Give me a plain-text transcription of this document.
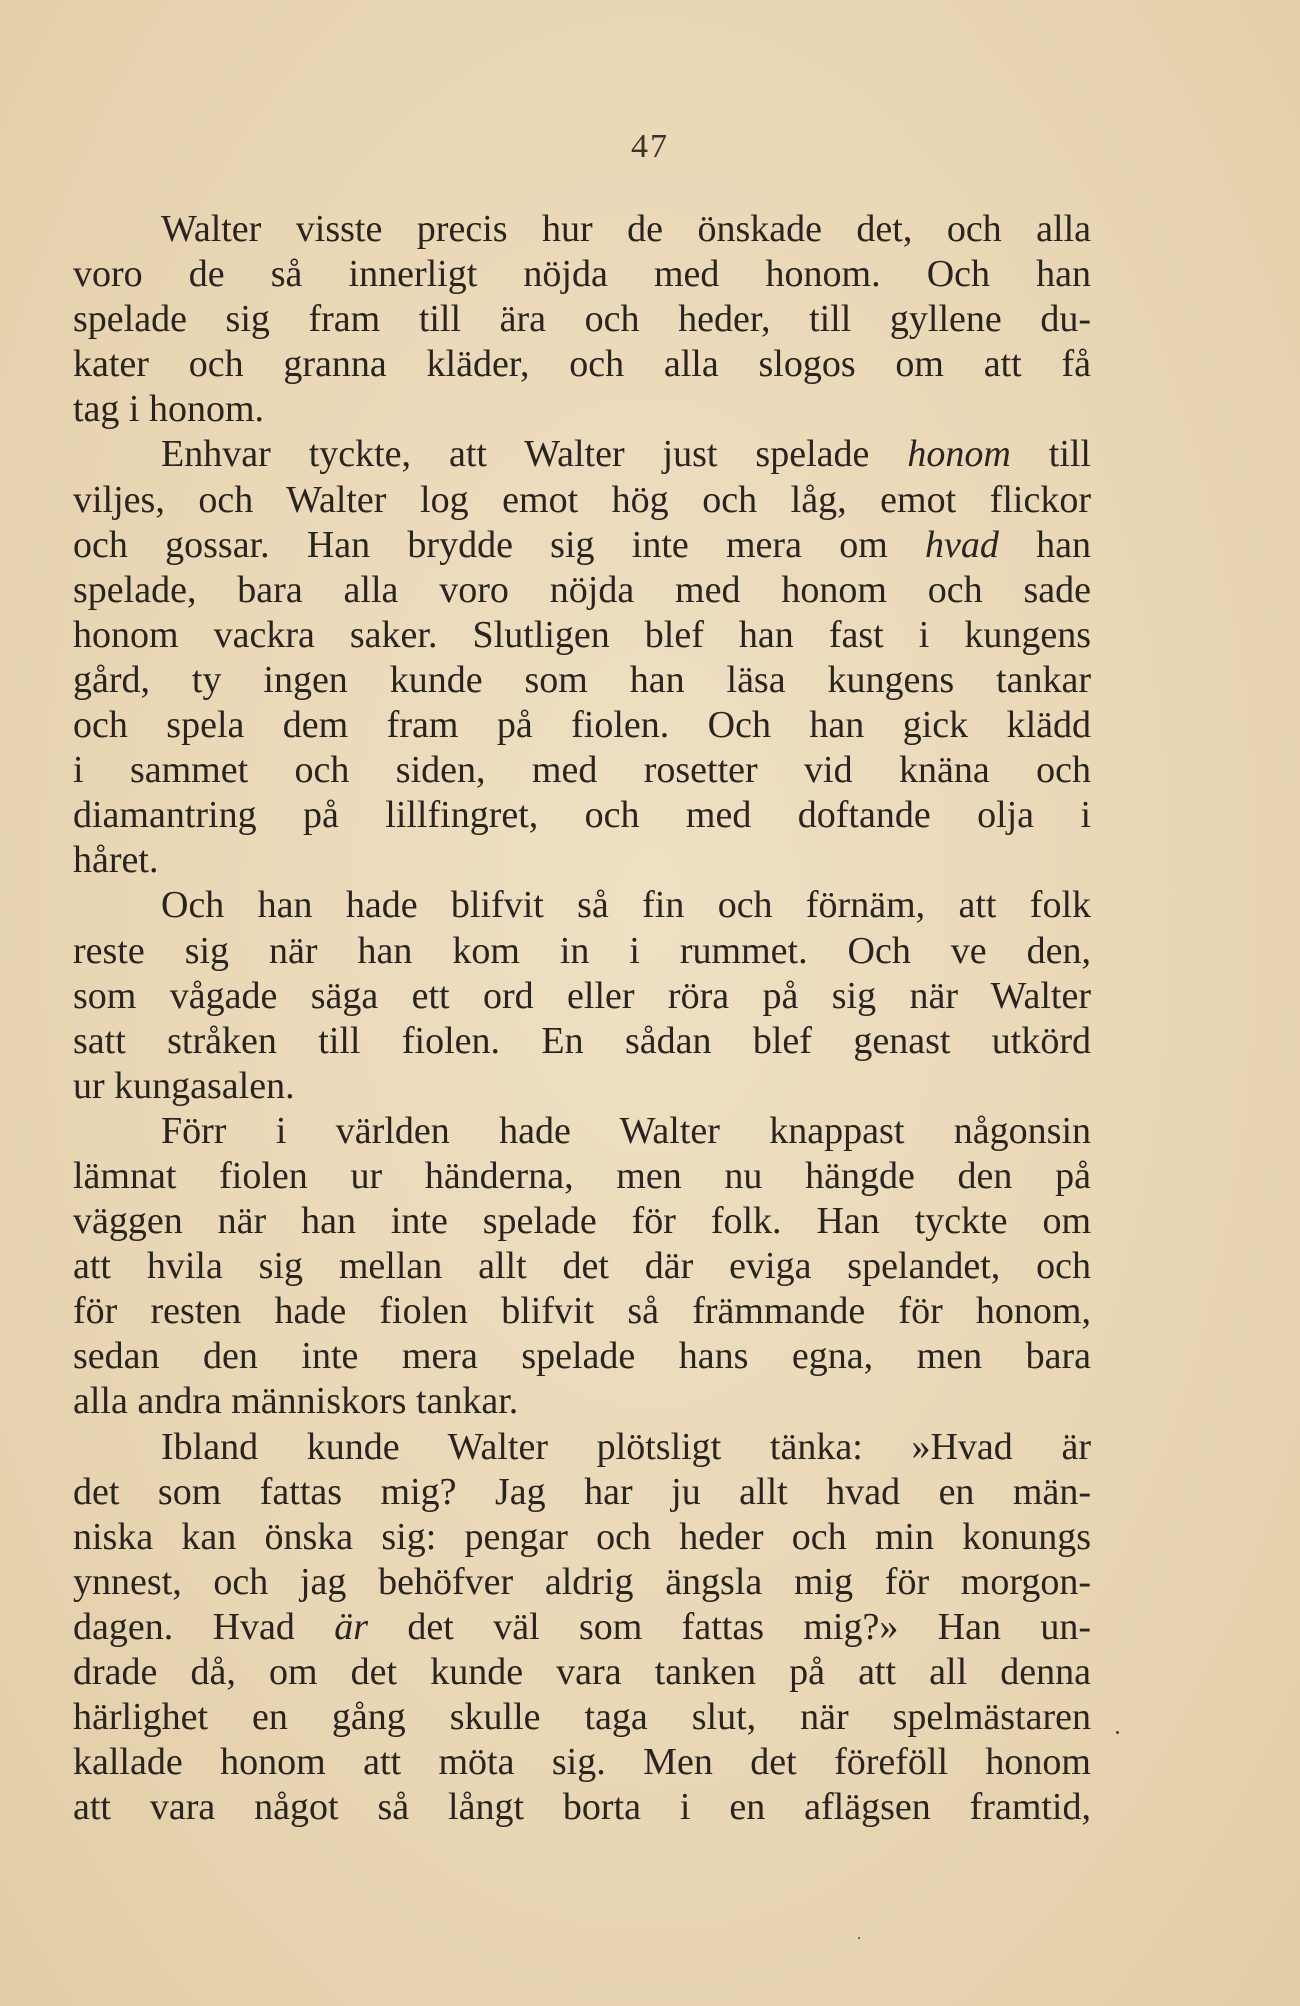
47

Walter visste precis hur de önskade det, och alla
voro de så innerligt nöjda med honom. Och han
spelade sig fram till ära och heder, till gyllene du-
kater och granna kläder, och alla slogos om att få
tag i honom.

Enhvar tyckte, att Walter just spelade honom till
viljes, och Walter log emot hög och låg, emot flickor
och gossar. Han brydde sig inte mera om hvad han
spelade, bara alla voro nöjda med honom och sade
honom vackra saker. Slutligen blef han fast i kungens
gård, ty ingen kunde som han läsa kungens tankar
och spela dem fram på fiolen. Och han gick klädd
i sammet och siden, med rosetter vid knäna och
diamantring på lillfingret, och med doftande olja i
håret.

Och han hade blifvit så fin och förnäm, att folk
reste sig när han kom in i rummet. Och ve den,
som vågade säga ett ord eller röra på sig när Walter
satt stråken till fiolen. En sådan blef genast utkörd
ur kungasalen.

Förr i världen hade Walter knappast någonsin
lämnat fiolen ur händerna, men nu hängde den på
väggen när han inte spelade för folk. Han tyckte om
att hvila sig mellan allt det där eviga spelandet, och
för resten hade fiolen blifvit så främmande för honom,
sedan den inte mera spelade hans egna, men bara
alla andra människors tankar.

Ibland kunde Walter plötsligt tänka: »Hvad är
det som fattas mig? Jag har ju allt hvad en män-
niska kan önska sig: pengar och heder och min konungs
ynnest, och jag behöfver aldrig ängsla mig för morgon-
dagen. Hvad är det väl som fattas mig?» Han un-
drade då, om det kunde vara tanken på att all denna
härlighet en gång skulle taga slut, när spelmästaren
kallade honom att möta sig. Men det föreföll honom
att vara något så långt borta i en aflägsen framtid,
